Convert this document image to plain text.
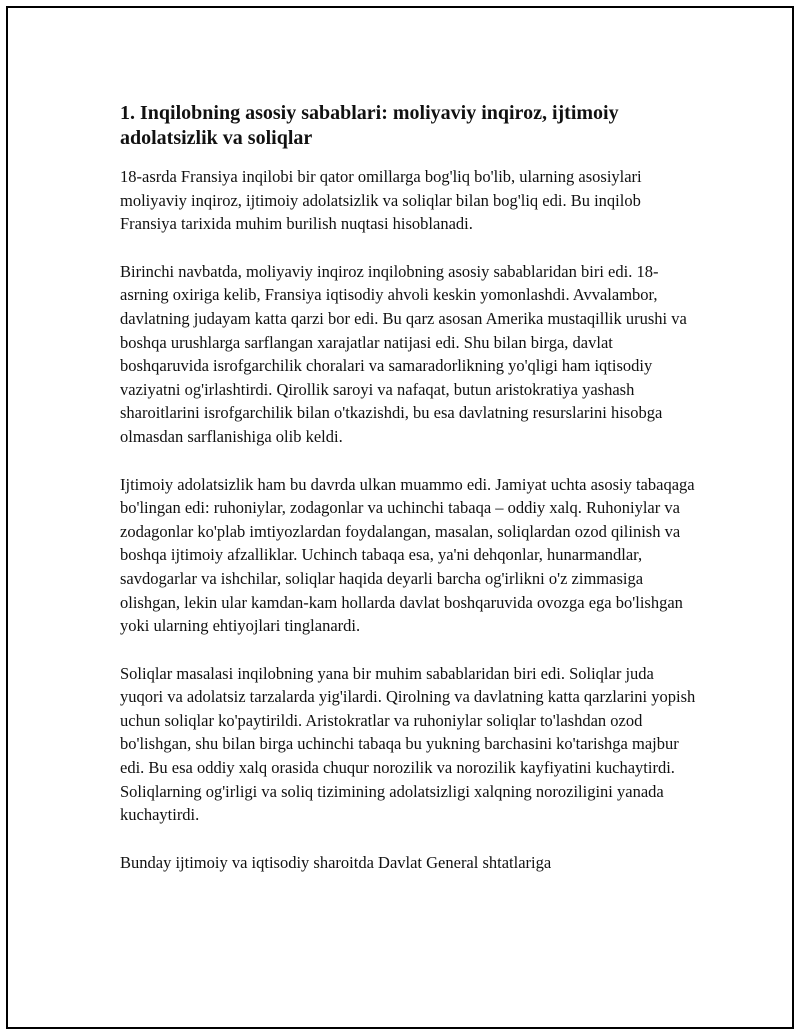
1. Inqilobning asosiy sabablari: moliyaviy inqiroz, ijtimoiy adolatsizlik va soliqlar

18-asrda Fransiya inqilobi bir qator omillarga bog'liq bo'lib, ularning asosiylari moliyaviy inqiroz, ijtimoiy adolatsizlik va soliqlar bilan bog'liq edi. Bu inqilob Fransiya tarixida muhim burilish nuqtasi hisoblanadi.

Birinchi navbatda, moliyaviy inqiroz inqilobning asosiy sabablaridan biri edi. 18-asrning oxiriga kelib, Fransiya iqtisodiy ahvoli keskin yomonlashdi. Avvalambor, davlatning judayam katta qarzi bor edi. Bu qarz asosan Amerika mustaqillik urushi va boshqa urushlarga sarflangan xarajatlar natijasi edi. Shu bilan birga, davlat boshqaruvida isrofgarchilik choralari va samaradorlikning yo'qligi ham iqtisodiy vaziyatni og'irlashtirdi. Qirollik saroyi va nafaqat, butun aristokratiya yashash sharoitlarini isrofgarchilik bilan o'tkazishdi, bu esa davlatning resurslarini hisobga olmasdan sarflanishiga olib keldi.

Ijtimoiy adolatsizlik ham bu davrda ulkan muammo edi. Jamiyat uchta asosiy tabaqaga bo'lingan edi: ruhoniylar, zodagonlar va uchinchi tabaqa – oddiy xalq. Ruhoniylar va zodagonlar ko'plab imtiyozlardan foydalangan, masalan, soliqlardan ozod qilinish va boshqa ijtimoiy afzalliklar. Uchinch tabaqa esa, ya'ni dehqonlar, hunarmandlar, savdogarlar va ishchilar, soliqlar haqida deyarli barcha og'irlikni o'z zimmasiga olishgan, lekin ular kamdan-kam hollarda davlat boshqaruvida ovozga ega bo'lishgan yoki ularning ehtiyojlari tinglanardi.

Soliqlar masalasi inqilobning yana bir muhim sabablaridan biri edi. Soliqlar juda yuqori va adolatsiz tarzalarda yig'ilardi. Qirolning va davlatning katta qarzlarini yopish uchun soliqlar ko'paytirildi. Aristokratlar va ruhoniylar soliqlar to'lashdan ozod bo'lishgan, shu bilan birga uchinchi tabaqa bu yukning barchasini ko'tarishga majbur edi. Bu esa oddiy xalq orasida chuqur norozilik va norozilik kayfiyatini kuchaytirdi. Soliqlarning og'irligi va soliq tizimining adolatsizligi xalqning noroziligini yanada kuchaytirdi.

Bunday ijtimoiy va iqtisodiy sharoitda Davlat General shtatlariga
